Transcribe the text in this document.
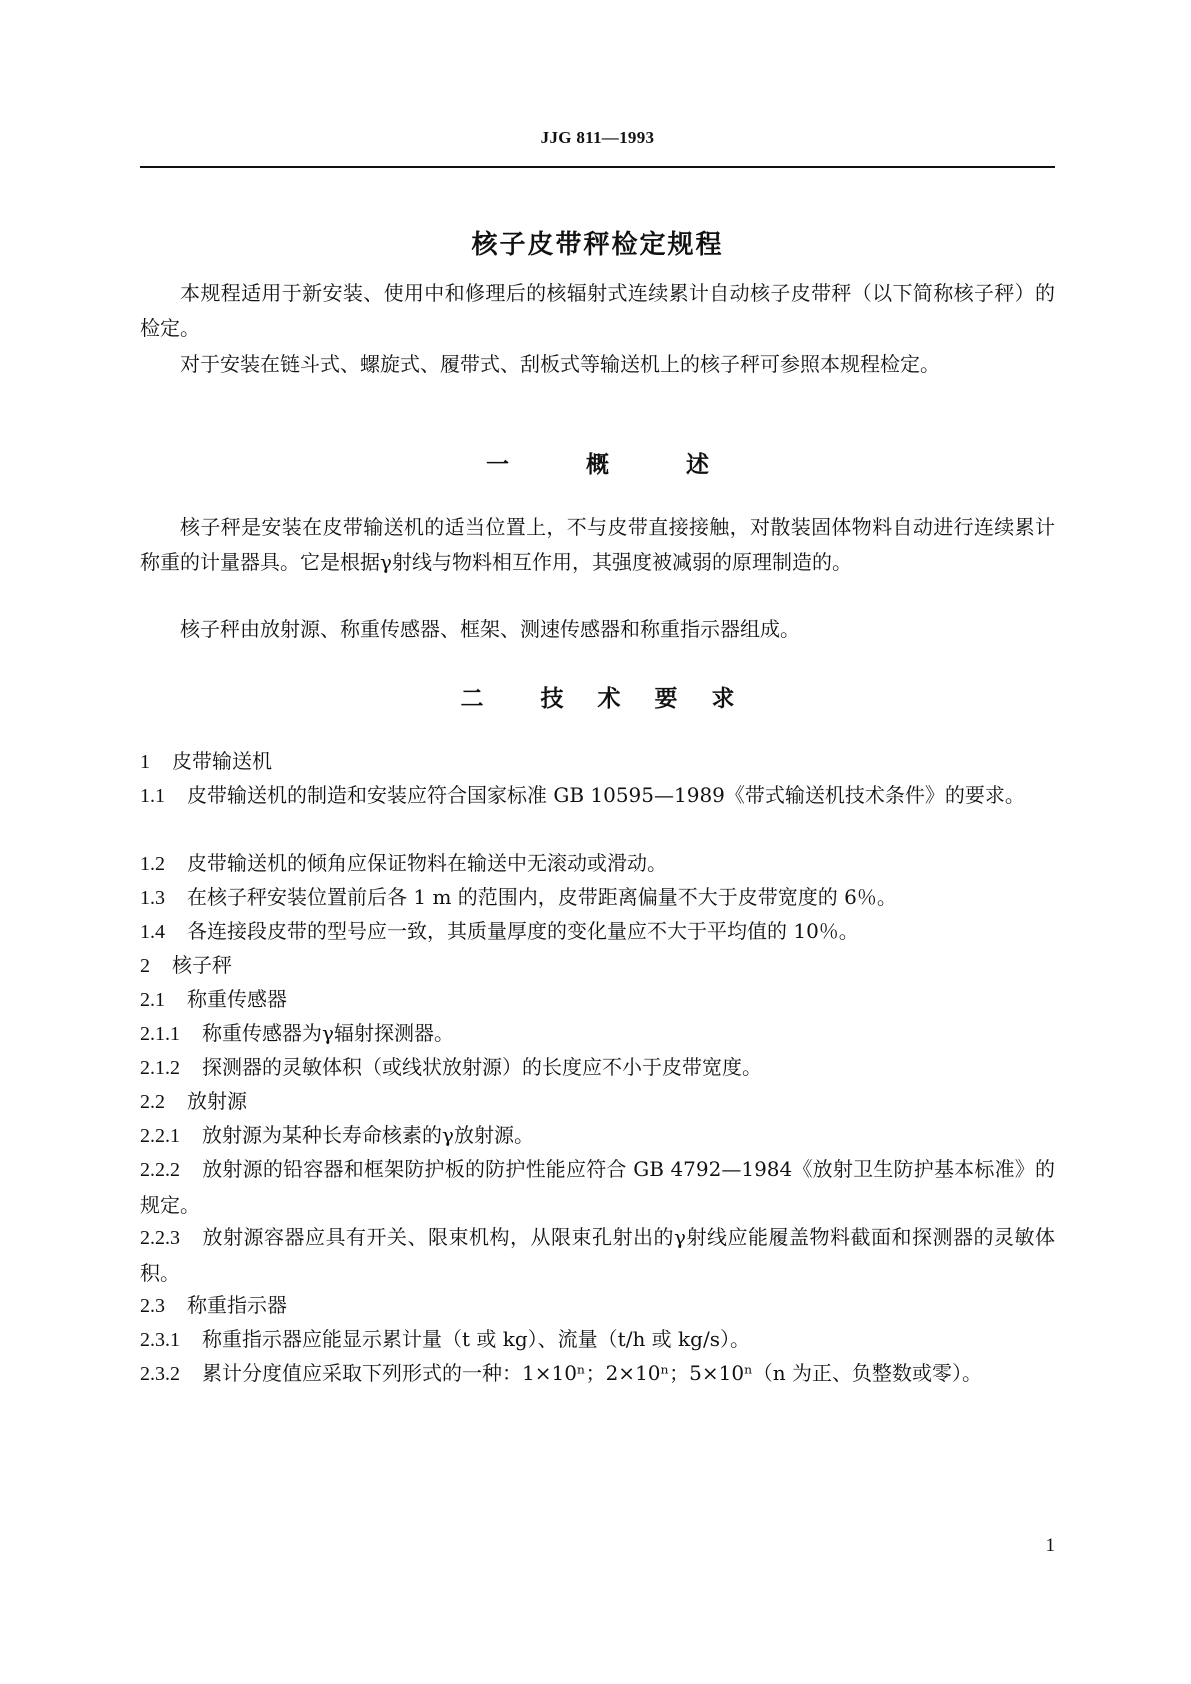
JJG 811—1993
核子皮带秤检定规程

本规程适用于新安装、使用中和修理后的核辐射式连续累计自动核子皮带秤（以下简称核子秤）的检定。

对于安装在链斗式、螺旋式、履带式、刮板式等输送机上的核子秤可参照本规程检定。

一	概	述

核子秤是安装在皮带输送机的适当位置上，不与皮带直接接触，对散装固体物料自动进行连续累计称重的计量器具。它是根据γ射线与物料相互作用，其强度被减弱的原理制造的。

核子秤由放射源、称重传感器、框架、测速传感器和称重指示器组成。

二 技 术 要 求

1 皮带输送机

1.1 皮带输送机的制造和安装应符合国家标准 GB 10595—1989《带式输送机技术条件》的要求。

1.2 皮带输送机的倾角应保证物料在输送中无滚动或滑动。

1.3 在核子秤安装位置前后各 1 m 的范围内，皮带距离偏量不大于皮带宽度的 6％。

1.4 各连接段皮带的型号应一致，其质量厚度的变化量应不大于平均值的 10％。

2 核子秤

2.1 称重传感器

2.1.1 称重传感器为γ辐射探测器。

2.1.2 探测器的灵敏体积（或线状放射源）的长度应不小于皮带宽度。

2.2 放射源

2.2.1 放射源为某种长寿命核素的γ放射源。

2.2.2 放射源的铅容器和框架防护板的防护性能应符合 GB 4792—1984《放射卫生防护基本标准》的规定。

2.2.3 放射源容器应具有开关、限束机构，从限束孔射出的γ射线应能履盖物料截面和探测器的灵敏体积。

2.3 称重指示器

2.3.1 称重指示器应能显示累计量（t 或 kg）、流量（t/h 或 kg/s）。

2.3.2 累计分度值应采取下列形式的一种：1×10ⁿ；2×10ⁿ；5×10ⁿ（n 为正、负整数或零）。

1
